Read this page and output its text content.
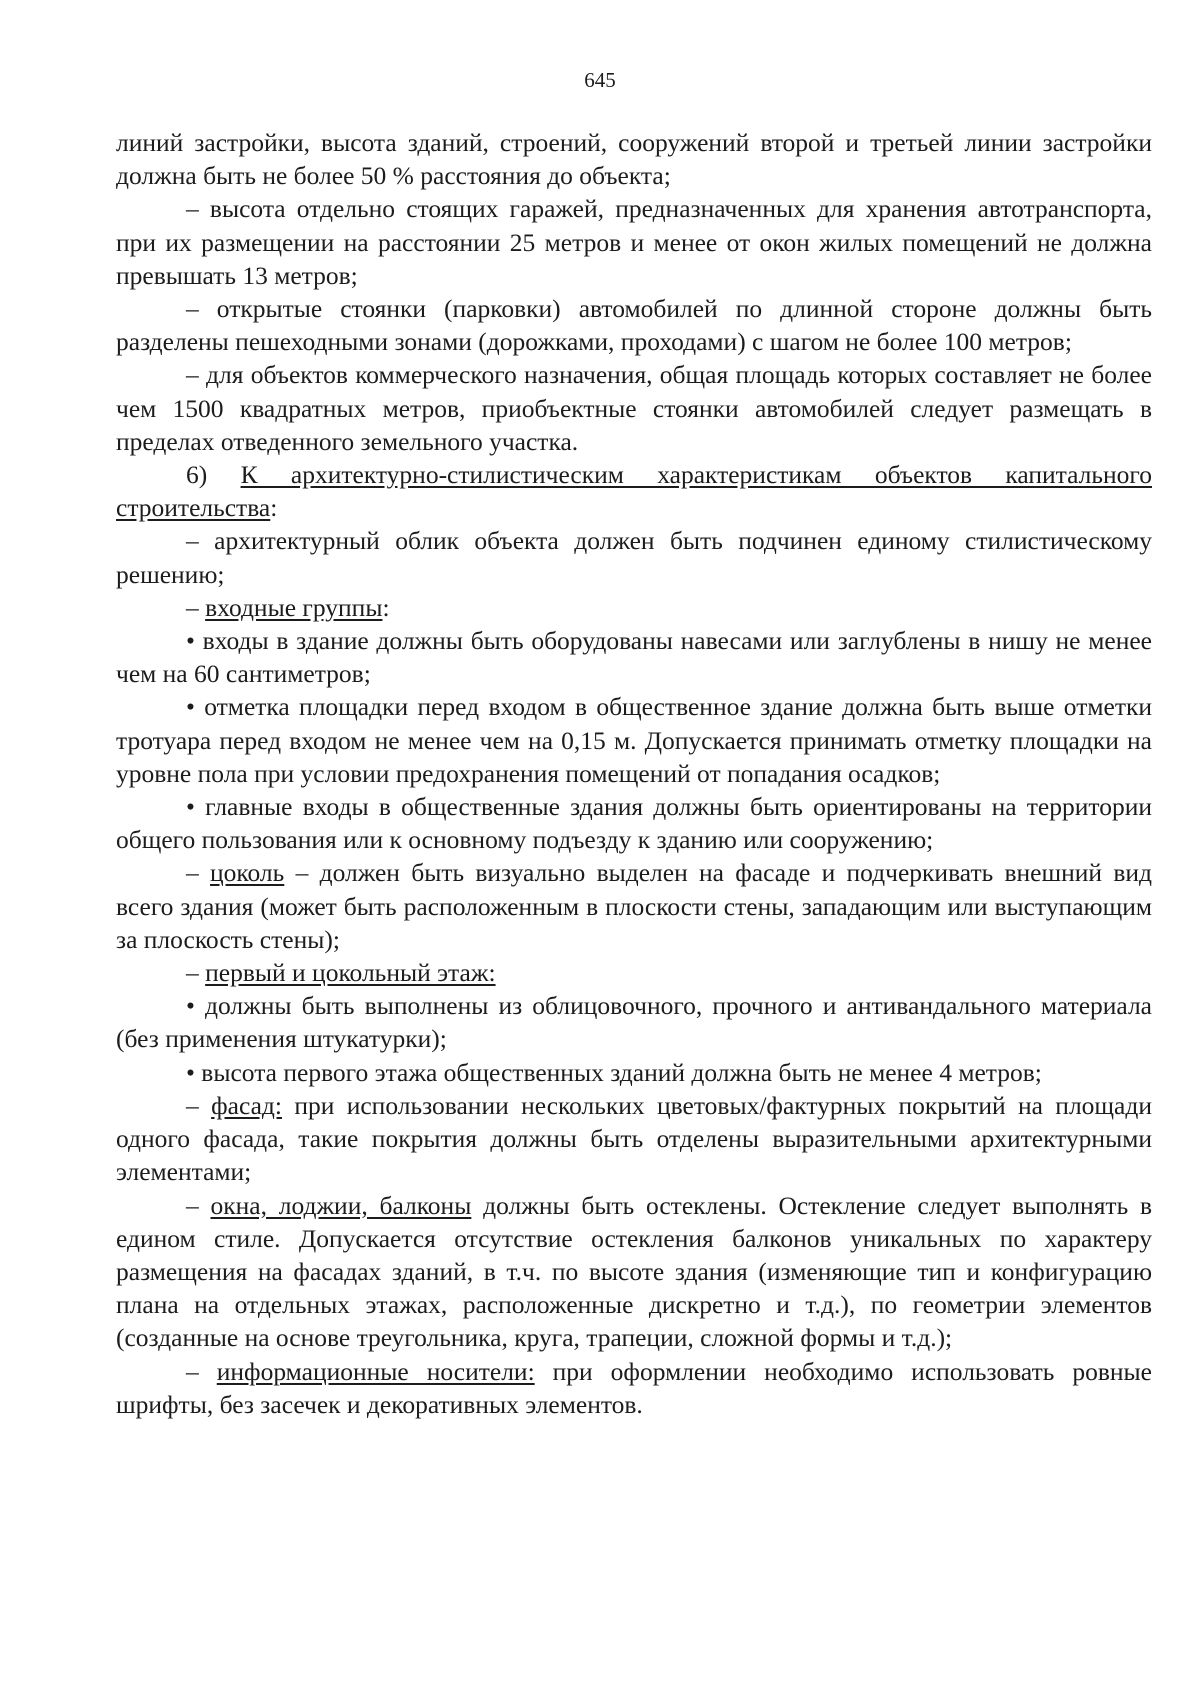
645

линий застройки, высота зданий, строений, сооружений второй и третьей линии застройки должна быть не более 50 % расстояния до объекта;

– высота отдельно стоящих гаражей, предназначенных для хранения автотранспорта, при их размещении на расстоянии 25 метров и менее от окон жилых помещений не должна превышать 13 метров;

– открытые стоянки (парковки) автомобилей по длинной стороне должны быть разделены пешеходными зонами (дорожками, проходами) с шагом не более 100 метров;

– для объектов коммерческого назначения, общая площадь которых составляет не более чем 1500 квадратных метров, приобъектные стоянки автомобилей следует размещать в пределах отведенного земельного участка.

6) К архитектурно-стилистическим характеристикам объектов капитального строительства:

– архитектурный облик объекта должен быть подчинен единому стилистическому решению;

– входные группы:

• входы в здание должны быть оборудованы навесами или заглублены в нишу не менее чем на 60 сантиметров;

• отметка площадки перед входом в общественное здание должна быть выше отметки тротуара перед входом не менее чем на 0,15 м. Допускается принимать отметку площадки на уровне пола при условии предохранения помещений от попадания осадков;

• главные входы в общественные здания должны быть ориентированы на территории общего пользования или к основному подъезду к зданию или сооружению;

– цоколь – должен быть визуально выделен на фасаде и подчеркивать внешний вид всего здания (может быть расположенным в плоскости стены, западающим или выступающим за плоскость стены);

– первый и цокольный этаж:

• должны быть выполнены из облицовочного, прочного и антивандального материала (без применения штукатурки);

• высота первого этажа общественных зданий должна быть не менее 4 метров;

– фасад: при использовании нескольких цветовых/фактурных покрытий на площади одного фасада, такие покрытия должны быть отделены выразительными архитектурными элементами;

– окна, лоджии, балконы должны быть остеклены. Остекление следует выполнять в едином стиле. Допускается отсутствие остекления балконов уникальных по характеру размещения на фасадах зданий, в т.ч. по высоте здания (изменяющие тип и конфигурацию плана на отдельных этажах, расположенные дискретно и т.д.), по геометрии элементов (созданные на основе треугольника, круга, трапеции, сложной формы и т.д.);

– информационные носители: при оформлении необходимо использовать ровные шрифты, без засечек и декоративных элементов.
